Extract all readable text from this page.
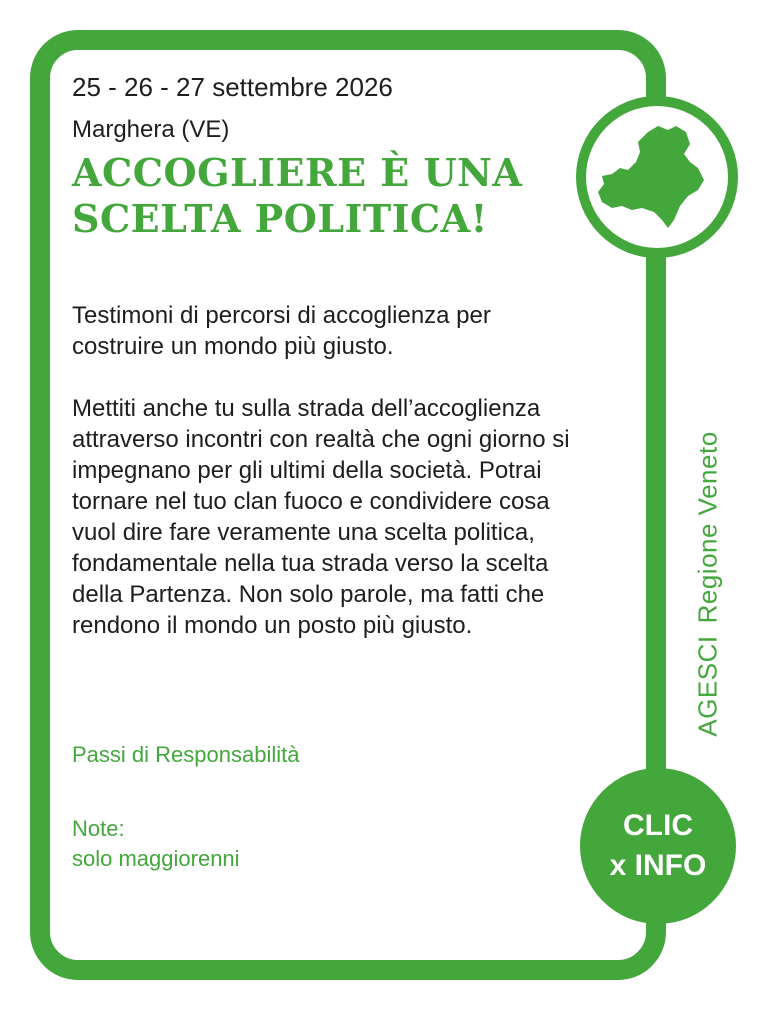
25 - 26 - 27 settembre 2026
Marghera (VE)
ACCOGLIERE È UNA
SCELTA POLITICA!

Testimoni di percorsi di accoglienza per costruire un mondo più giusto.

Mettiti anche tu sulla strada dell’accoglienza attraverso incontri con realtà che ogni giorno si impegnano per gli ultimi della società. Potrai tornare nel tuo clan fuoco e condividere cosa vuol dire fare veramente una scelta politica, fondamentale nella tua strada verso la scelta della Partenza. Non solo parole, ma fatti che rendono il mondo un posto più giusto.

Passi di Responsabilità
Note:
solo maggiorenni
AGESCIRegione Veneto
CLIC
x INFO
